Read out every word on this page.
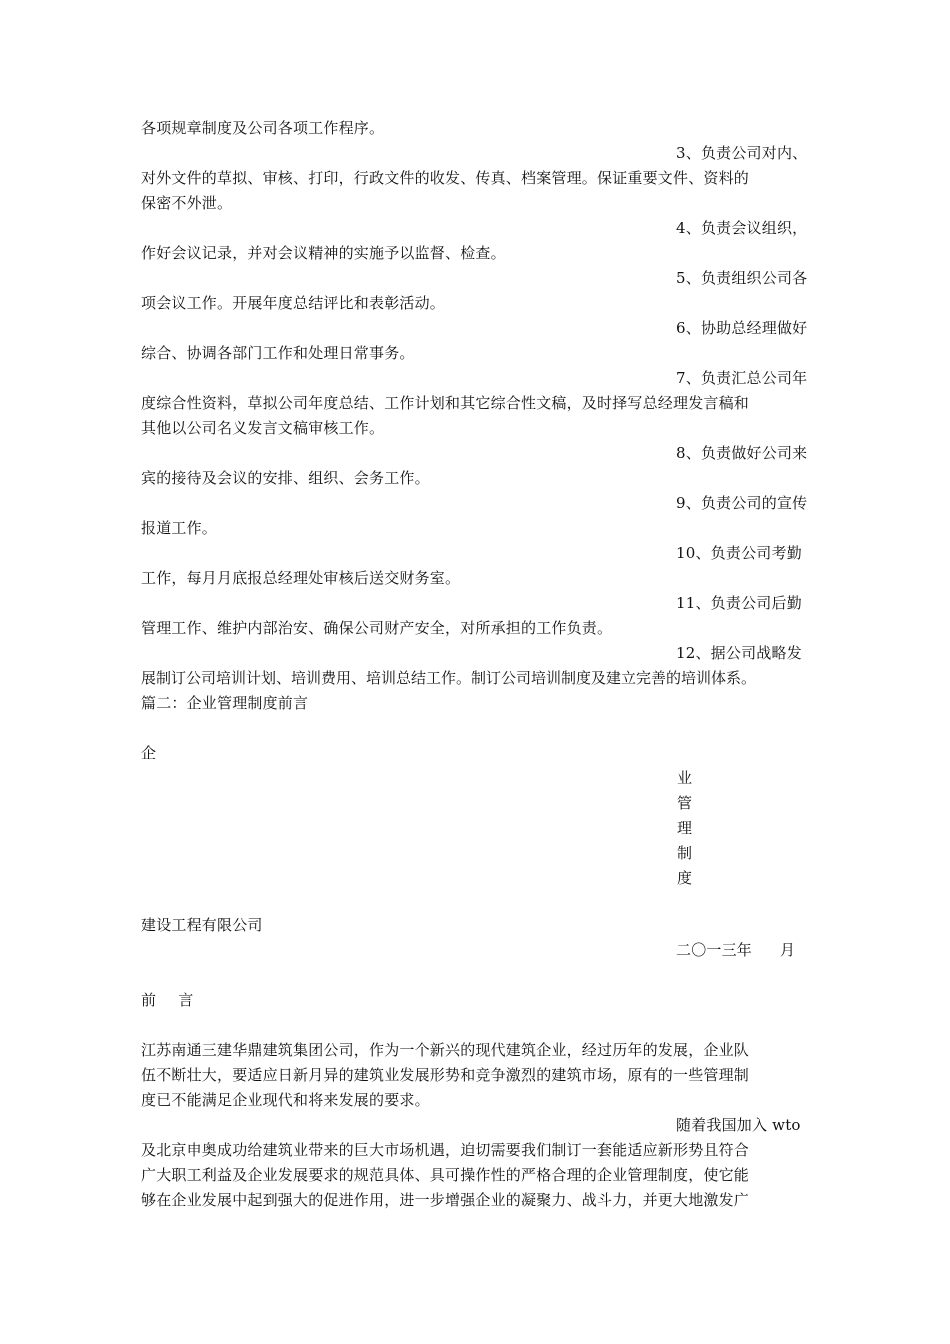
各项规章制度及公司各项工作程序。
3、负责公司对内、
对外文件的草拟、审核、打印，行政文件的收发、传真、档案管理。保证重要文件、资料的
保密不外泄。
4、负责会议组织，
作好会议记录，并对会议精神的实施予以监督、检查。
5、负责组织公司各
项会议工作。开展年度总结评比和表彰活动。
6、协助总经理做好
综合、协调各部门工作和处理日常事务。
7、负责汇总公司年
度综合性资料，草拟公司年度总结、工作计划和其它综合性文稿，及时择写总经理发言稿和
其他以公司名义发言文稿审核工作。
8、负责做好公司来
宾的接待及会议的安排、组织、会务工作。
9、负责公司的宣传
报道工作。
10、负责公司考勤
工作，每月月底报总经理处审核后送交财务室。
11、负责公司后勤
管理工作、维护内部治安、确保公司财产安全，对所承担的工作负责。
12、据公司战略发
展制订公司培训计划、培训费用、培训总结工作。制订公司培训制度及建立完善的培训体系。
篇二：企业管理制度前言
企
业
管
理
制
度
建设工程有限公司
二〇一三年 月
前 言
江苏南通三建华鼎建筑集团公司，作为一个新兴的现代建筑企业，经过历年的发展，企业队
伍不断壮大，要适应日新月异的建筑业发展形势和竞争激烈的建筑市场，原有的一些管理制
度已不能满足企业现代和将来发展的要求。
随着我国加入 wto
及北京申奥成功给建筑业带来的巨大市场机遇，迫切需要我们制订一套能适应新形势且符合
广大职工利益及企业发展要求的规范具体、具可操作性的严格合理的企业管理制度，使它能
够在企业发展中起到强大的促进作用，进一步增强企业的凝聚力、战斗力，并更大地激发广
